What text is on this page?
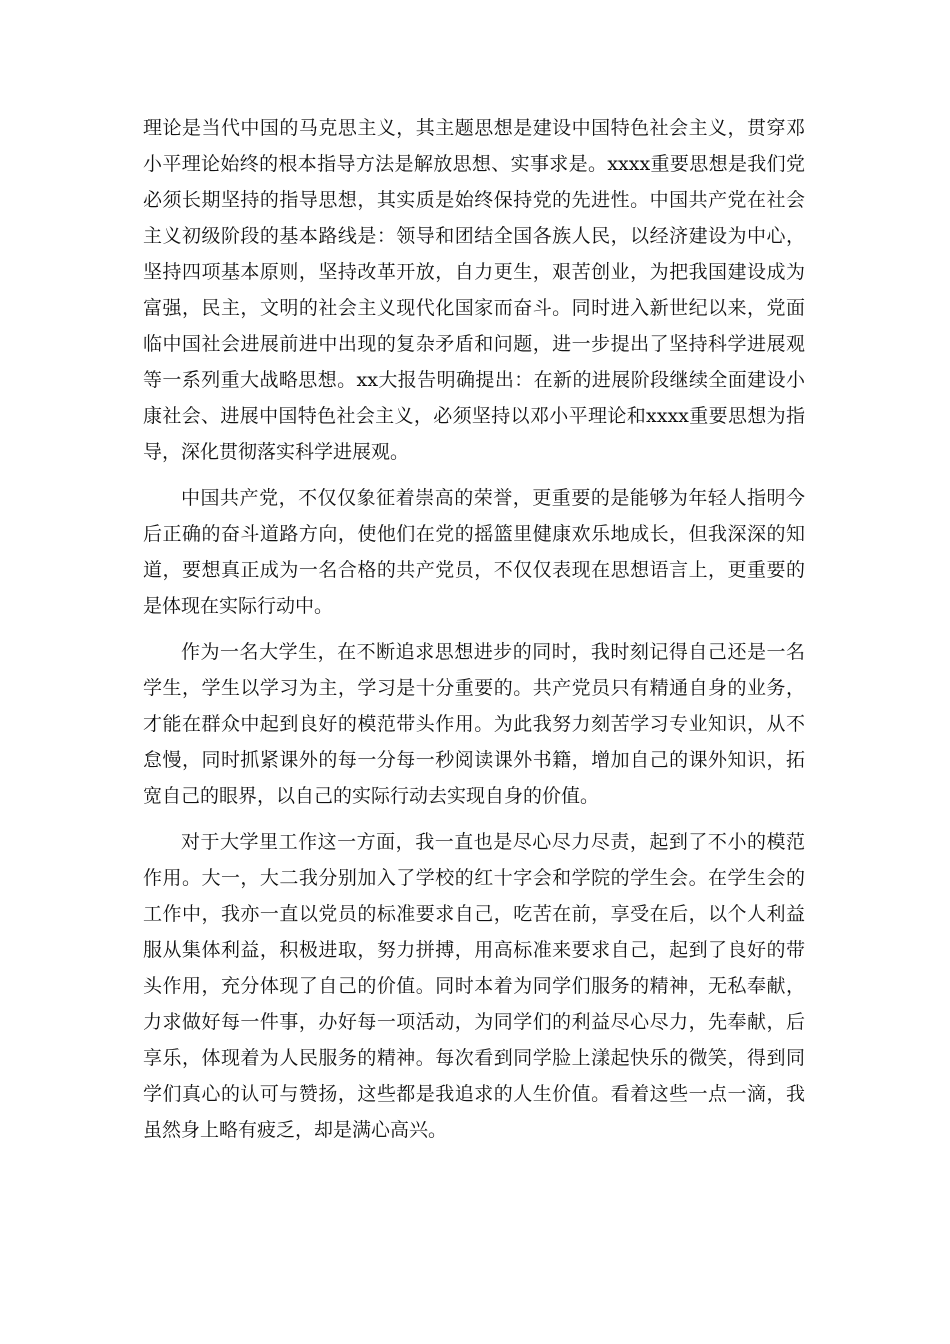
理论是当代中国的马克思主义，其主题思想是建设中国特色社会主义，贯穿邓小平理论始终的根本指导方法是解放思想、实事求是。xxxx重要思想是我们党必须长期坚持的指导思想，其实质是始终保持党的先进性。中国共产党在社会主义初级阶段的基本路线是：领导和团结全国各族人民，以经济建设为中心，坚持四项基本原则，坚持改革开放，自力更生，艰苦创业，为把我国建设成为富强，民主，文明的社会主义现代化国家而奋斗。同时进入新世纪以来，党面临中国社会进展前进中出现的复杂矛盾和问题，进一步提出了坚持科学进展观等一系列重大战略思想。xx大报告明确提出：在新的进展阶段继续全面建设小康社会、进展中国特色社会主义，必须坚持以邓小平理论和xxxx重要思想为指导，深化贯彻落实科学进展观。

中国共产党，不仅仅象征着崇高的荣誉，更重要的是能够为年轻人指明今后正确的奋斗道路方向，使他们在党的摇篮里健康欢乐地成长，但我深深的知道，要想真正成为一名合格的共产党员，不仅仅表现在思想语言上，更重要的是体现在实际行动中。

作为一名大学生，在不断追求思想进步的同时，我时刻记得自己还是一名学生，学生以学习为主，学习是十分重要的。共产党员只有精通自身的业务，才能在群众中起到良好的模范带头作用。为此我努力刻苦学习专业知识，从不怠慢，同时抓紧课外的每一分每一秒阅读课外书籍，增加自己的课外知识，拓宽自己的眼界，以自己的实际行动去实现自身的价值。

对于大学里工作这一方面，我一直也是尽心尽力尽责，起到了不小的模范作用。大一，大二我分别加入了学校的红十字会和学院的学生会。在学生会的工作中，我亦一直以党员的标准要求自己，吃苦在前，享受在后，以个人利益服从集体利益，积极进取，努力拼搏，用高标准来要求自己，起到了良好的带头作用，充分体现了自己的价值。同时本着为同学们服务的精神，无私奉献，力求做好每一件事，办好每一项活动，为同学们的利益尽心尽力，先奉献，后享乐，体现着为人民服务的精神。每次看到同学脸上漾起快乐的微笑，得到同学们真心的认可与赞扬，这些都是我追求的人生价值。看着这些一点一滴，我虽然身上略有疲乏，却是满心高兴。
